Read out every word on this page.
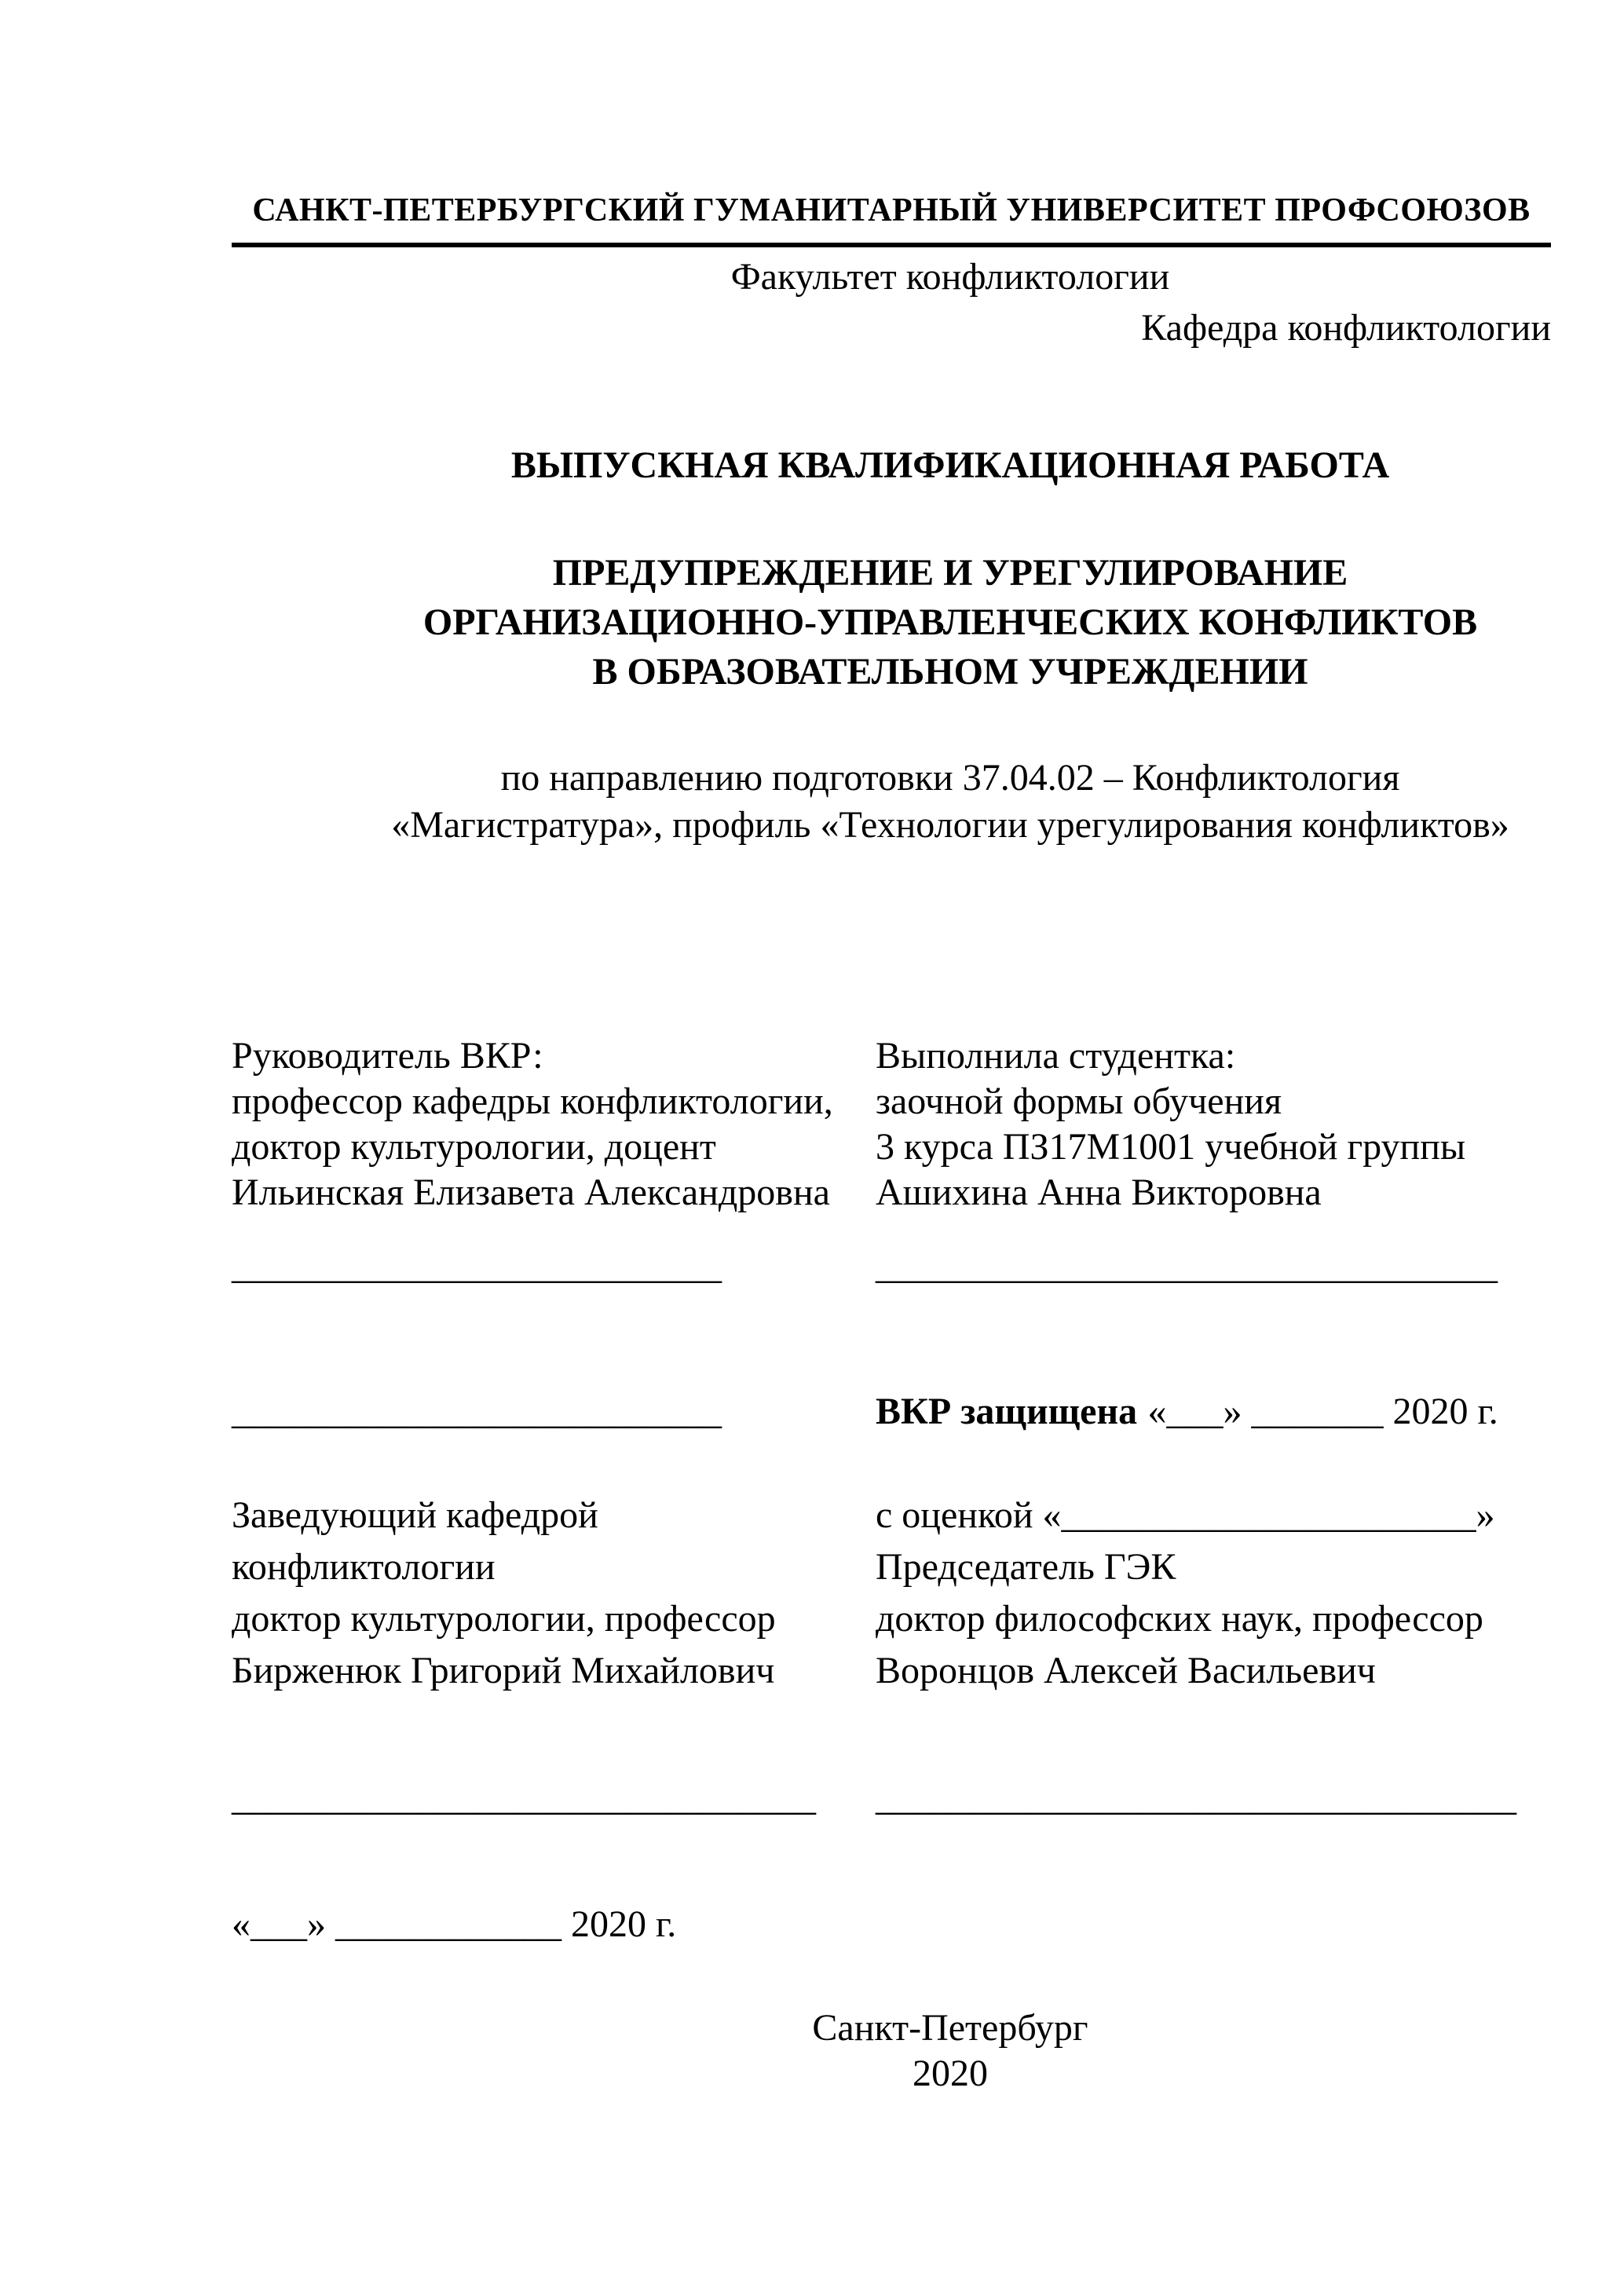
САНКТ-ПЕТЕРБУРГСКИЙ ГУМАНИТАРНЫЙ УНИВЕРСИТЕТ ПРОФСОЮЗОВ
Факультет конфликтологии
Кафедра конфликтологии
ВЫПУСКНАЯ КВАЛИФИКАЦИОННАЯ РАБОТА
ПРЕДУПРЕЖДЕНИЕ И УРЕГУЛИРОВАНИЕ
ОРГАНИЗАЦИОННО-УПРАВЛЕНЧЕСКИХ КОНФЛИКТОВ
В ОБРАЗОВАТЕЛЬНОМ УЧРЕЖДЕНИИ
по направлению подготовки 37.04.02 – Конфликтология
«Магистратура», профиль «Технологии урегулирования конфликтов»
Руководитель ВКР:
профессор кафедры конфликтологии,
доктор культурологии, доцент
Ильинская Елизавета Александровна
Выполнила студентка:
заочной формы обучения
3 курса ПЗ17М1001 учебной группы
Ашихина Анна Викторовна
__________________________	_________________________________
__________________________	ВКР защищена «___» _______ 2020 г.
Заведующий кафедрой
конфликтологии
доктор культурологии, профессор
Бирженюк Григорий Михайлович
с оценкой «______________________»
Председатель ГЭК
доктор философских наук, профессор
Воронцов Алексей Васильевич
_______________________________	__________________________________
«___» ____________ 2020 г.
Санкт-Петербург
2020
